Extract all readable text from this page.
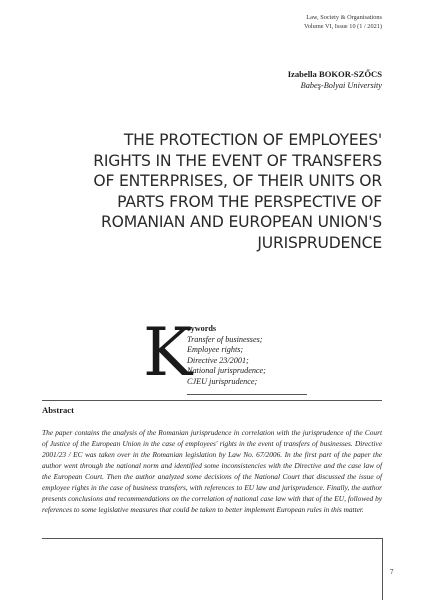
Law, Society & Organisations
Volume VI, Issue 10 (1 / 2021)
Izabella BOKOR-SZŐCS
Babeş-Bolyai University
THE PROTECTION OF EMPLOYEES'
RIGHTS IN THE EVENT OF TRANSFERS
OF ENTERPRISES, OF THEIR UNITS OR
PARTS FROM THE PERSPECTIVE OF
ROMANIAN AND EUROPEAN UNION'S
JURISPRUDENCE
K
eywords
Transfer of businesses;
Employee rights;
Directive 23/2001;
National jurisprudence;
CJEU jurisprudence;
Abstract

The paper contains the analysis of the Romanian jurisprudence in correlation with the jurisprudence of the Court of Justice of the European Union in the case of employees' rights in the event of transfers of businesses. Directive 2001/23 / EC was taken over in the Romanian legislation by Law No. 67/2006. In the first part of the paper the author went through the national norm and identified some inconsistencies with the Directive and the case law of the European Court. Then the author analyzed some decisions of the National Court that discussed the issue of employee rights in the case of business transfers, with references to EU law and jurisprudence. Finally, the author presents conclusions and recommendations on the correlation of national case law with that of the EU, followed by references to some legislative measures that could be taken to better implement European rules in this matter.

7
